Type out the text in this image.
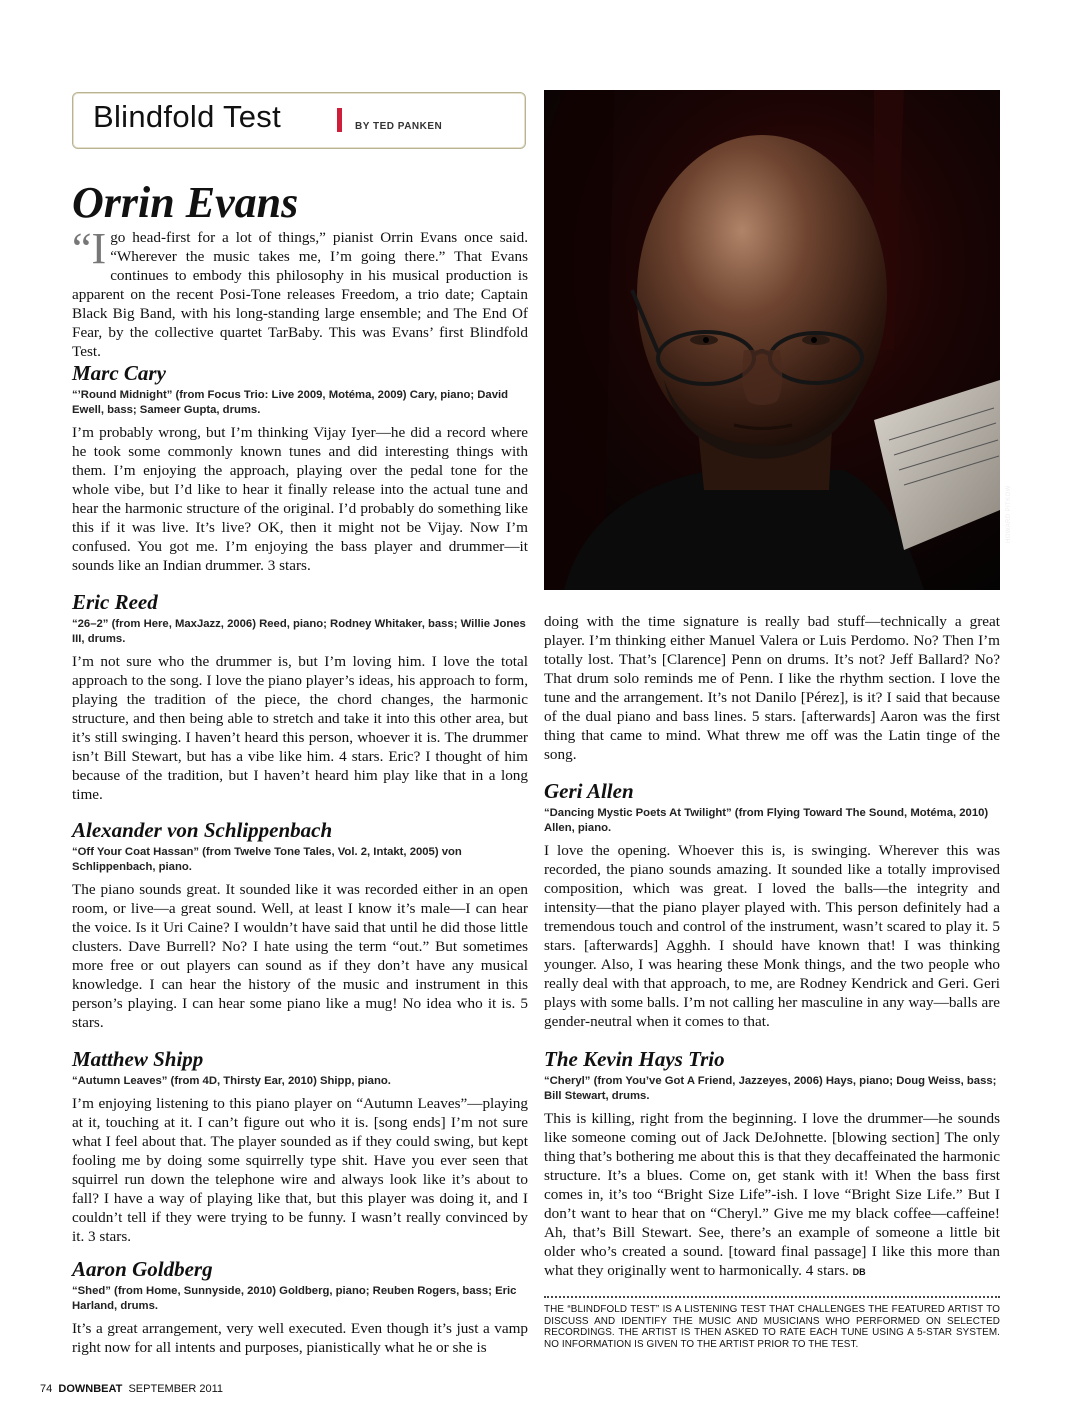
Blindfold Test	BY TED PANKEN
Orrin Evans
HOWARD PITKOW
“I go head-first for a lot of things,” pianist Orrin Evans once said. “Wherever the music takes me, I’m going there.” That Evans continues to embody this philosophy in his musical production is apparent on the recent Posi-Tone releases Freedom, a trio date; Captain Black Big Band, with his long-standing large ensemble; and The End Of Fear, by the collective quartet TarBaby. This was Evans’ first Blindfold Test.
Marc Cary
“’Round Midnight” (from Focus Trio: Live 2009, Motéma, 2009) Cary, piano; David Ewell, bass; Sameer Gupta, drums.

I’m probably wrong, but I’m thinking Vijay Iyer—he did a record where he took some commonly known tunes and did interesting things with them. I’m enjoying the approach, playing over the pedal tone for the whole vibe, but I’d like to hear it finally release into the actual tune and hear the harmonic structure of the original. I’d probably do something like this if it was live. It’s live? OK, then it might not be Vijay. Now I’m confused. You got me. I’m enjoying the bass player and drummer—it sounds like an Indian drummer. 3 stars.

Eric Reed
“26–2” (from Here, MaxJazz, 2006) Reed, piano; Rodney Whitaker, bass; Willie Jones III, drums.

I’m not sure who the drummer is, but I’m loving him. I love the total approach to the song. I love the piano player’s ideas, his approach to form, playing the tradition of the piece, the chord changes, the harmonic structure, and then being able to stretch and take it into this other area, but it’s still swinging. I haven’t heard this person, whoever it is. The drummer isn’t Bill Stewart, but has a vibe like him. 4 stars. Eric? I thought of him because of the tradition, but I haven’t heard him play like that in a long time.

Alexander von Schlippenbach
“Off Your Coat Hassan” (from Twelve Tone Tales, Vol. 2, Intakt, 2005) von Schlippenbach, piano.

The piano sounds great. It sounded like it was recorded either in an open room, or live—a great sound. Well, at least I know it’s male—I can hear the voice. Is it Uri Caine? I wouldn’t have said that until he did those little clusters. Dave Burrell? No? I hate using the term “out.” But sometimes more free or out players can sound as if they don’t have any musical knowledge. I can hear the history of the music and instrument in this person’s playing. I can hear some piano like a mug! No idea who it is. 5 stars.

Matthew Shipp
“Autumn Leaves” (from 4D, Thirsty Ear, 2010) Shipp, piano.

I’m enjoying listening to this piano player on “Autumn Leaves”—playing at it, touching at it. I can’t figure out who it is. [song ends] I’m not sure what I feel about that. The player sounded as if they could swing, but kept fooling me by doing some squirrelly type shit. Have you ever seen that squirrel run down the telephone wire and always look like it’s about to fall? I have a way of playing like that, but this player was doing it, and I couldn’t tell if they were trying to be funny. I wasn’t really convinced by it. 3 stars.

Aaron Goldberg
“Shed” (from Home, Sunnyside, 2010) Goldberg, piano; Reuben Rogers, bass; Eric Harland, drums.

It’s a great arrangement, very well executed. Even though it’s just a vamp right now for all intents and purposes, pianistically what he or she is

doing with the time signature is really bad stuff—technically a great player. I’m thinking either Manuel Valera or Luis Perdomo. No? Then I’m totally lost. That’s [Clarence] Penn on drums. It’s not? Jeff Ballard? No? That drum solo reminds me of Penn. I like the rhythm section. I love the tune and the arrangement. It’s not Danilo [Pérez], is it? I said that because of the dual piano and bass lines. 5 stars. [afterwards] Aaron was the first thing that came to mind. What threw me off was the Latin tinge of the song.

Geri Allen
“Dancing Mystic Poets At Twilight” (from Flying Toward The Sound, Motéma, 2010) Allen, piano.

I love the opening. Whoever this is, is swinging. Wherever this was recorded, the piano sounds amazing. It sounded like a totally improvised composition, which was great. I loved the balls—the integrity and intensity—that the piano player played with. This person definitely had a tremendous touch and control of the instrument, wasn’t scared to play it. 5 stars. [afterwards] Agghh. I should have known that! I was thinking younger. Also, I was hearing these Monk things, and the two people who really deal with that approach, to me, are Rodney Kendrick and Geri. Geri plays with some balls. I’m not calling her masculine in any way—balls are gender-neutral when it comes to that.

The Kevin Hays Trio
“Cheryl” (from You’ve Got A Friend, Jazzeyes, 2006) Hays, piano; Doug Weiss, bass; Bill Stewart, drums.

This is killing, right from the beginning. I love the drummer—he sounds like someone coming out of Jack DeJohnette. [blowing section] The only thing that’s bothering me about this is that they decaffeinated the harmonic structure. It’s a blues. Come on, get stank with it! When the bass first comes in, it’s too “Bright Size Life”-ish. I love “Bright Size Life.” But I don’t want to hear that on “Cheryl.” Give me my black coffee—caffeine! Ah, that’s Bill Stewart. See, there’s an example of someone a little bit older who’s created a sound. [toward final passage] I like this more than what they originally went to harmonically. 4 stars. DB

THE “BLINDFOLD TEST” IS A LISTENING TEST THAT CHALLENGES THE FEATURED ARTIST TO DISCUSS AND IDENTIFY THE MUSIC AND MUSICIANS WHO PERFORMED ON SELECTED RECORDINGS. THE ARTIST IS THEN ASKED TO RATE EACH TUNE USING A 5-STAR SYSTEM. NO INFORMATION IS GIVEN TO THE ARTIST PRIOR TO THE TEST.
74 DOWNBEAT SEPTEMBER 2011
